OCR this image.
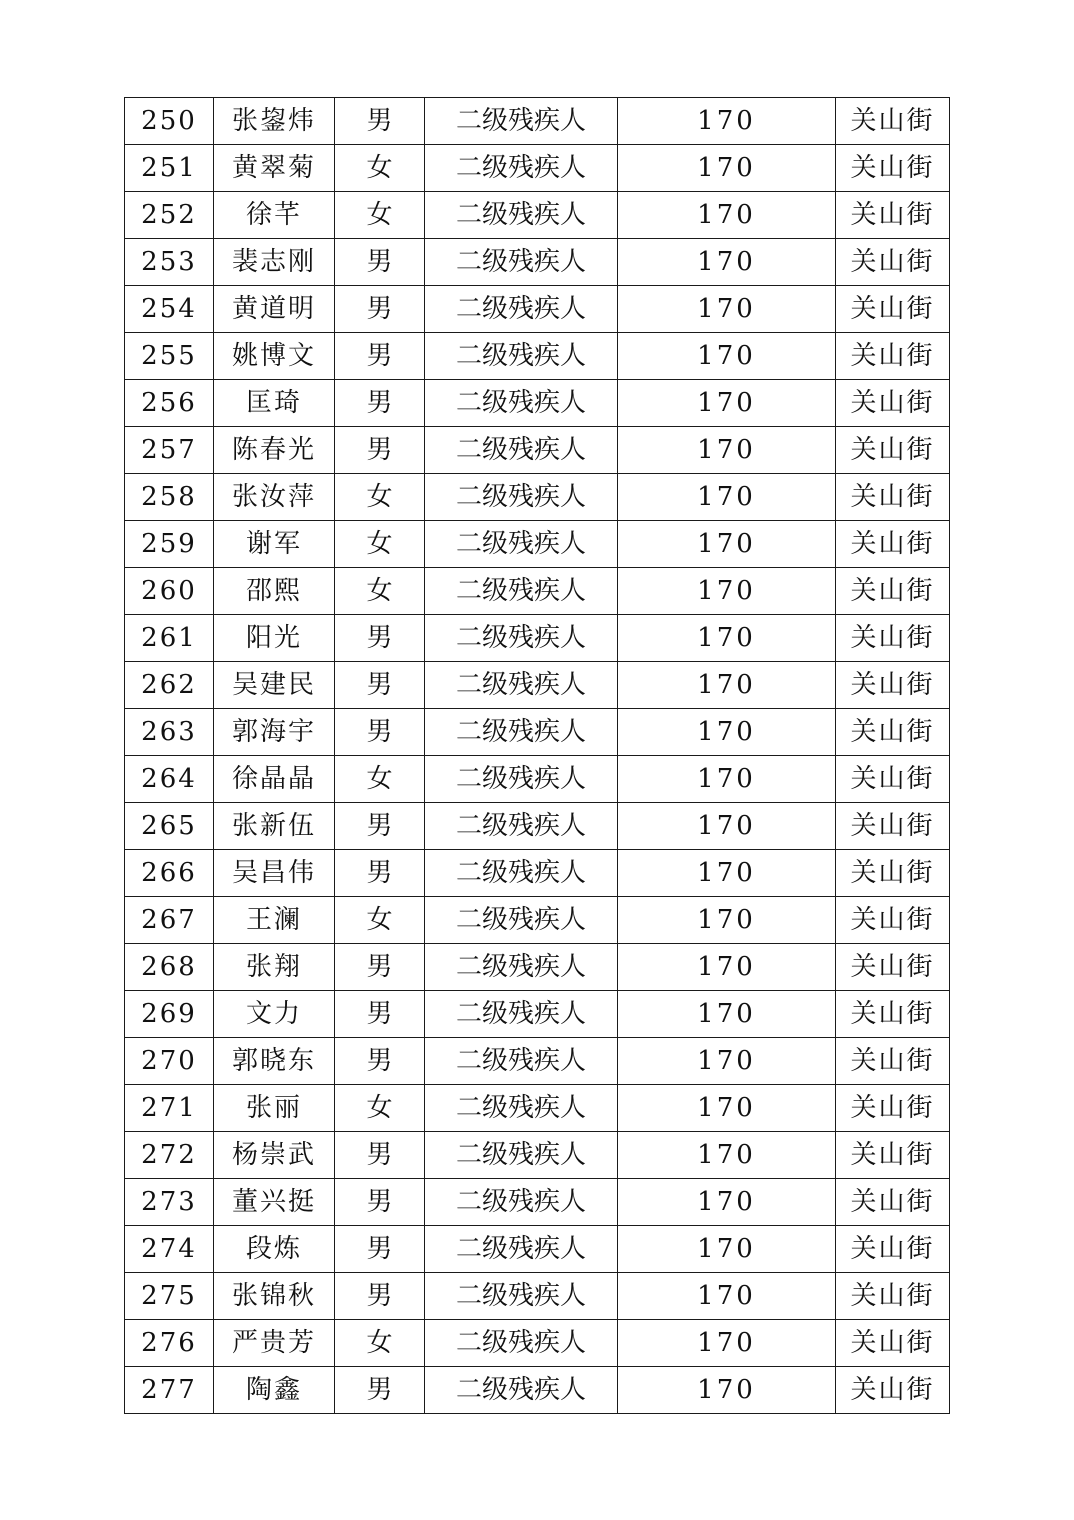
250	张鋆炜	男	二级残疾人	170	关山街
251	黄翠菊	女	二级残疾人	170	关山街
252	徐芊	女	二级残疾人	170	关山街
253	裴志刚	男	二级残疾人	170	关山街
254	黄道明	男	二级残疾人	170	关山街
255	姚博文	男	二级残疾人	170	关山街
256	匡琦	男	二级残疾人	170	关山街
257	陈春光	男	二级残疾人	170	关山街
258	张汝萍	女	二级残疾人	170	关山街
259	谢军	女	二级残疾人	170	关山街
260	邵熙	女	二级残疾人	170	关山街
261	阳光	男	二级残疾人	170	关山街
262	吴建民	男	二级残疾人	170	关山街
263	郭海宇	男	二级残疾人	170	关山街
264	徐晶晶	女	二级残疾人	170	关山街
265	张新伍	男	二级残疾人	170	关山街
266	吴昌伟	男	二级残疾人	170	关山街
267	王澜	女	二级残疾人	170	关山街
268	张翔	男	二级残疾人	170	关山街
269	文力	男	二级残疾人	170	关山街
270	郭晓东	男	二级残疾人	170	关山街
271	张丽	女	二级残疾人	170	关山街
272	杨崇武	男	二级残疾人	170	关山街
273	董兴挺	男	二级残疾人	170	关山街
274	段炼	男	二级残疾人	170	关山街
275	张锦秋	男	二级残疾人	170	关山街
276	严贵芳	女	二级残疾人	170	关山街
277	陶鑫	男	二级残疾人	170	关山街
